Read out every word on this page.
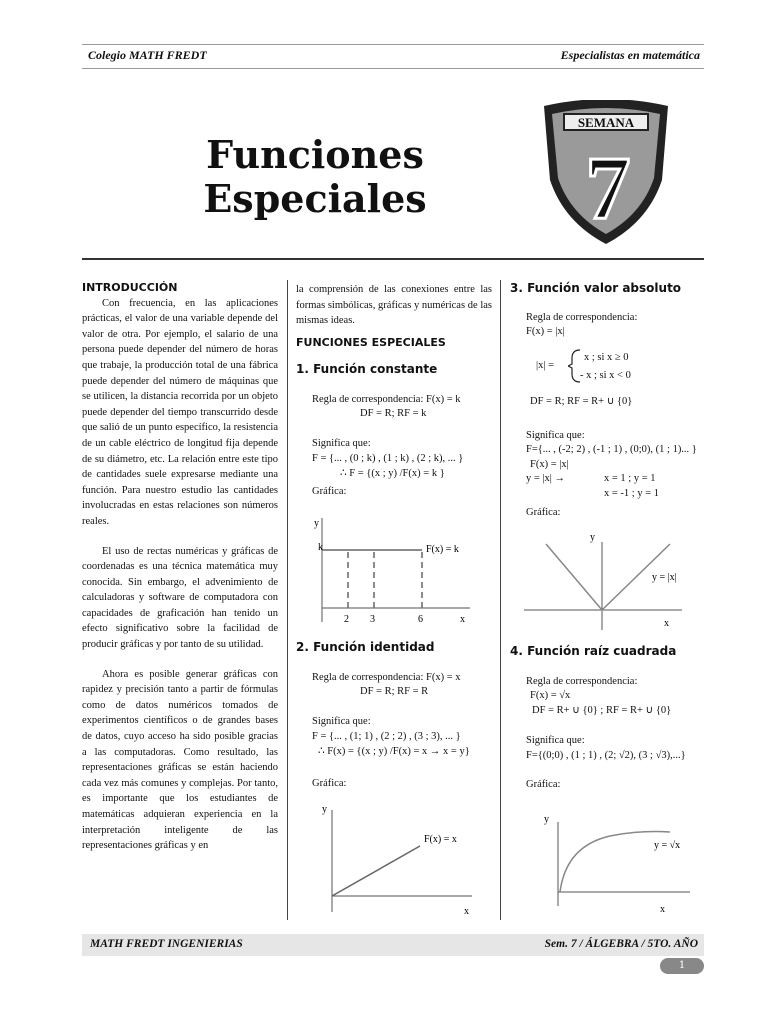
Colegio MATH FREDT	Especialistas en matemática
Funciones
Especiales
SEMANA
7

INTRODUCCIÓN

Con frecuencia, en las aplicaciones prácticas, el valor de una variable depende del valor de otra. Por ejemplo, el salario de una persona puede depender del número de horas que trabaje, la producción total de una fábrica puede depender del número de máquinas que se utilicen, la distancia recorrida por un objeto puede depender del tiempo transcurrido desde que salió de un punto específico, la resistencia de un cable eléctrico de longitud fija depende de su diámetro, etc. La relación entre este tipo de cantidades suele expresarse mediante una función. Para nuestro estudio las cantidades involucradas en estas relaciones son números reales.

El uso de rectas numéricas y gráficas de coordenadas es una técnica matemática muy conocida. Sin embargo, el advenimiento de calculadoras y software de computadora con capacidades de graficación han tenido un efecto significativo sobre la facilidad de producir gráficas y por tanto de su utilidad.

Ahora es posible generar gráficas con rapidez y precisión tanto a partir de fórmulas como de datos numéricos tomados de experimentos científicos o de grandes bases de datos, cuyo acceso ha sido posible gracias a las computadoras. Como resultado, las representaciones gráficas se están haciendo cada vez más comunes y complejas. Por tanto, es importante que los estudiantes de matemáticas adquieran experiencia en la interpretación inteligente de las representaciones gráficas y en

la comprensión de las conexiones entre las formas simbólicas, gráficas y numéricas de las mismas ideas.
FUNCIONES ESPECIALES
1. Función constante
Regla de correspondencia: F(x) = k
DF = R; RF = k
Significa que:
F = {... , (0 ; k) , (1 ; k) , (2 ; k), ... }
∴ F = {(x ; y) /F(x) = k }
Gráfica:
y
k	F(x) = k
2 3	6	x
2. Función identidad
Regla de correspondencia: F(x) = x
DF = R; RF = R
Significa que:
F = {... , (1; 1) , (2 ; 2) , (3 ; 3), ... }
∴ F(x) = {(x ; y) /F(x) = x → x = y}
Gráfica:
y
F(x) = x
x
3. Función valor absoluto
Regla de correspondencia:
F(x) = |x|
|x| =
x ; si x ≥ 0
- x ; si x < 0
DF = R; RF = R+ ∪ {0}
Significa que:
F={... , (-2; 2) , (-1 ; 1) , (0;0), (1 ; 1)... }
F(x) = |x|
y = |x| →	x = 1 ; y = 1
x = -1 ; y = 1
Gráfica:
y
y = |x|
x
4. Función raíz cuadrada
Regla de correspondencia:
F(x) = √x
DF = R+ ∪ {0} ; RF = R+ ∪ {0}
Significa que:
F={(0;0) , (1 ; 1) , (2; √2), (3 ; √3),...}
Gráfica:
y
y = √x
x
MATH FREDT INGENIERIAS	Sem. 7 / ÁLGEBRA / 5TO. AÑO
1
